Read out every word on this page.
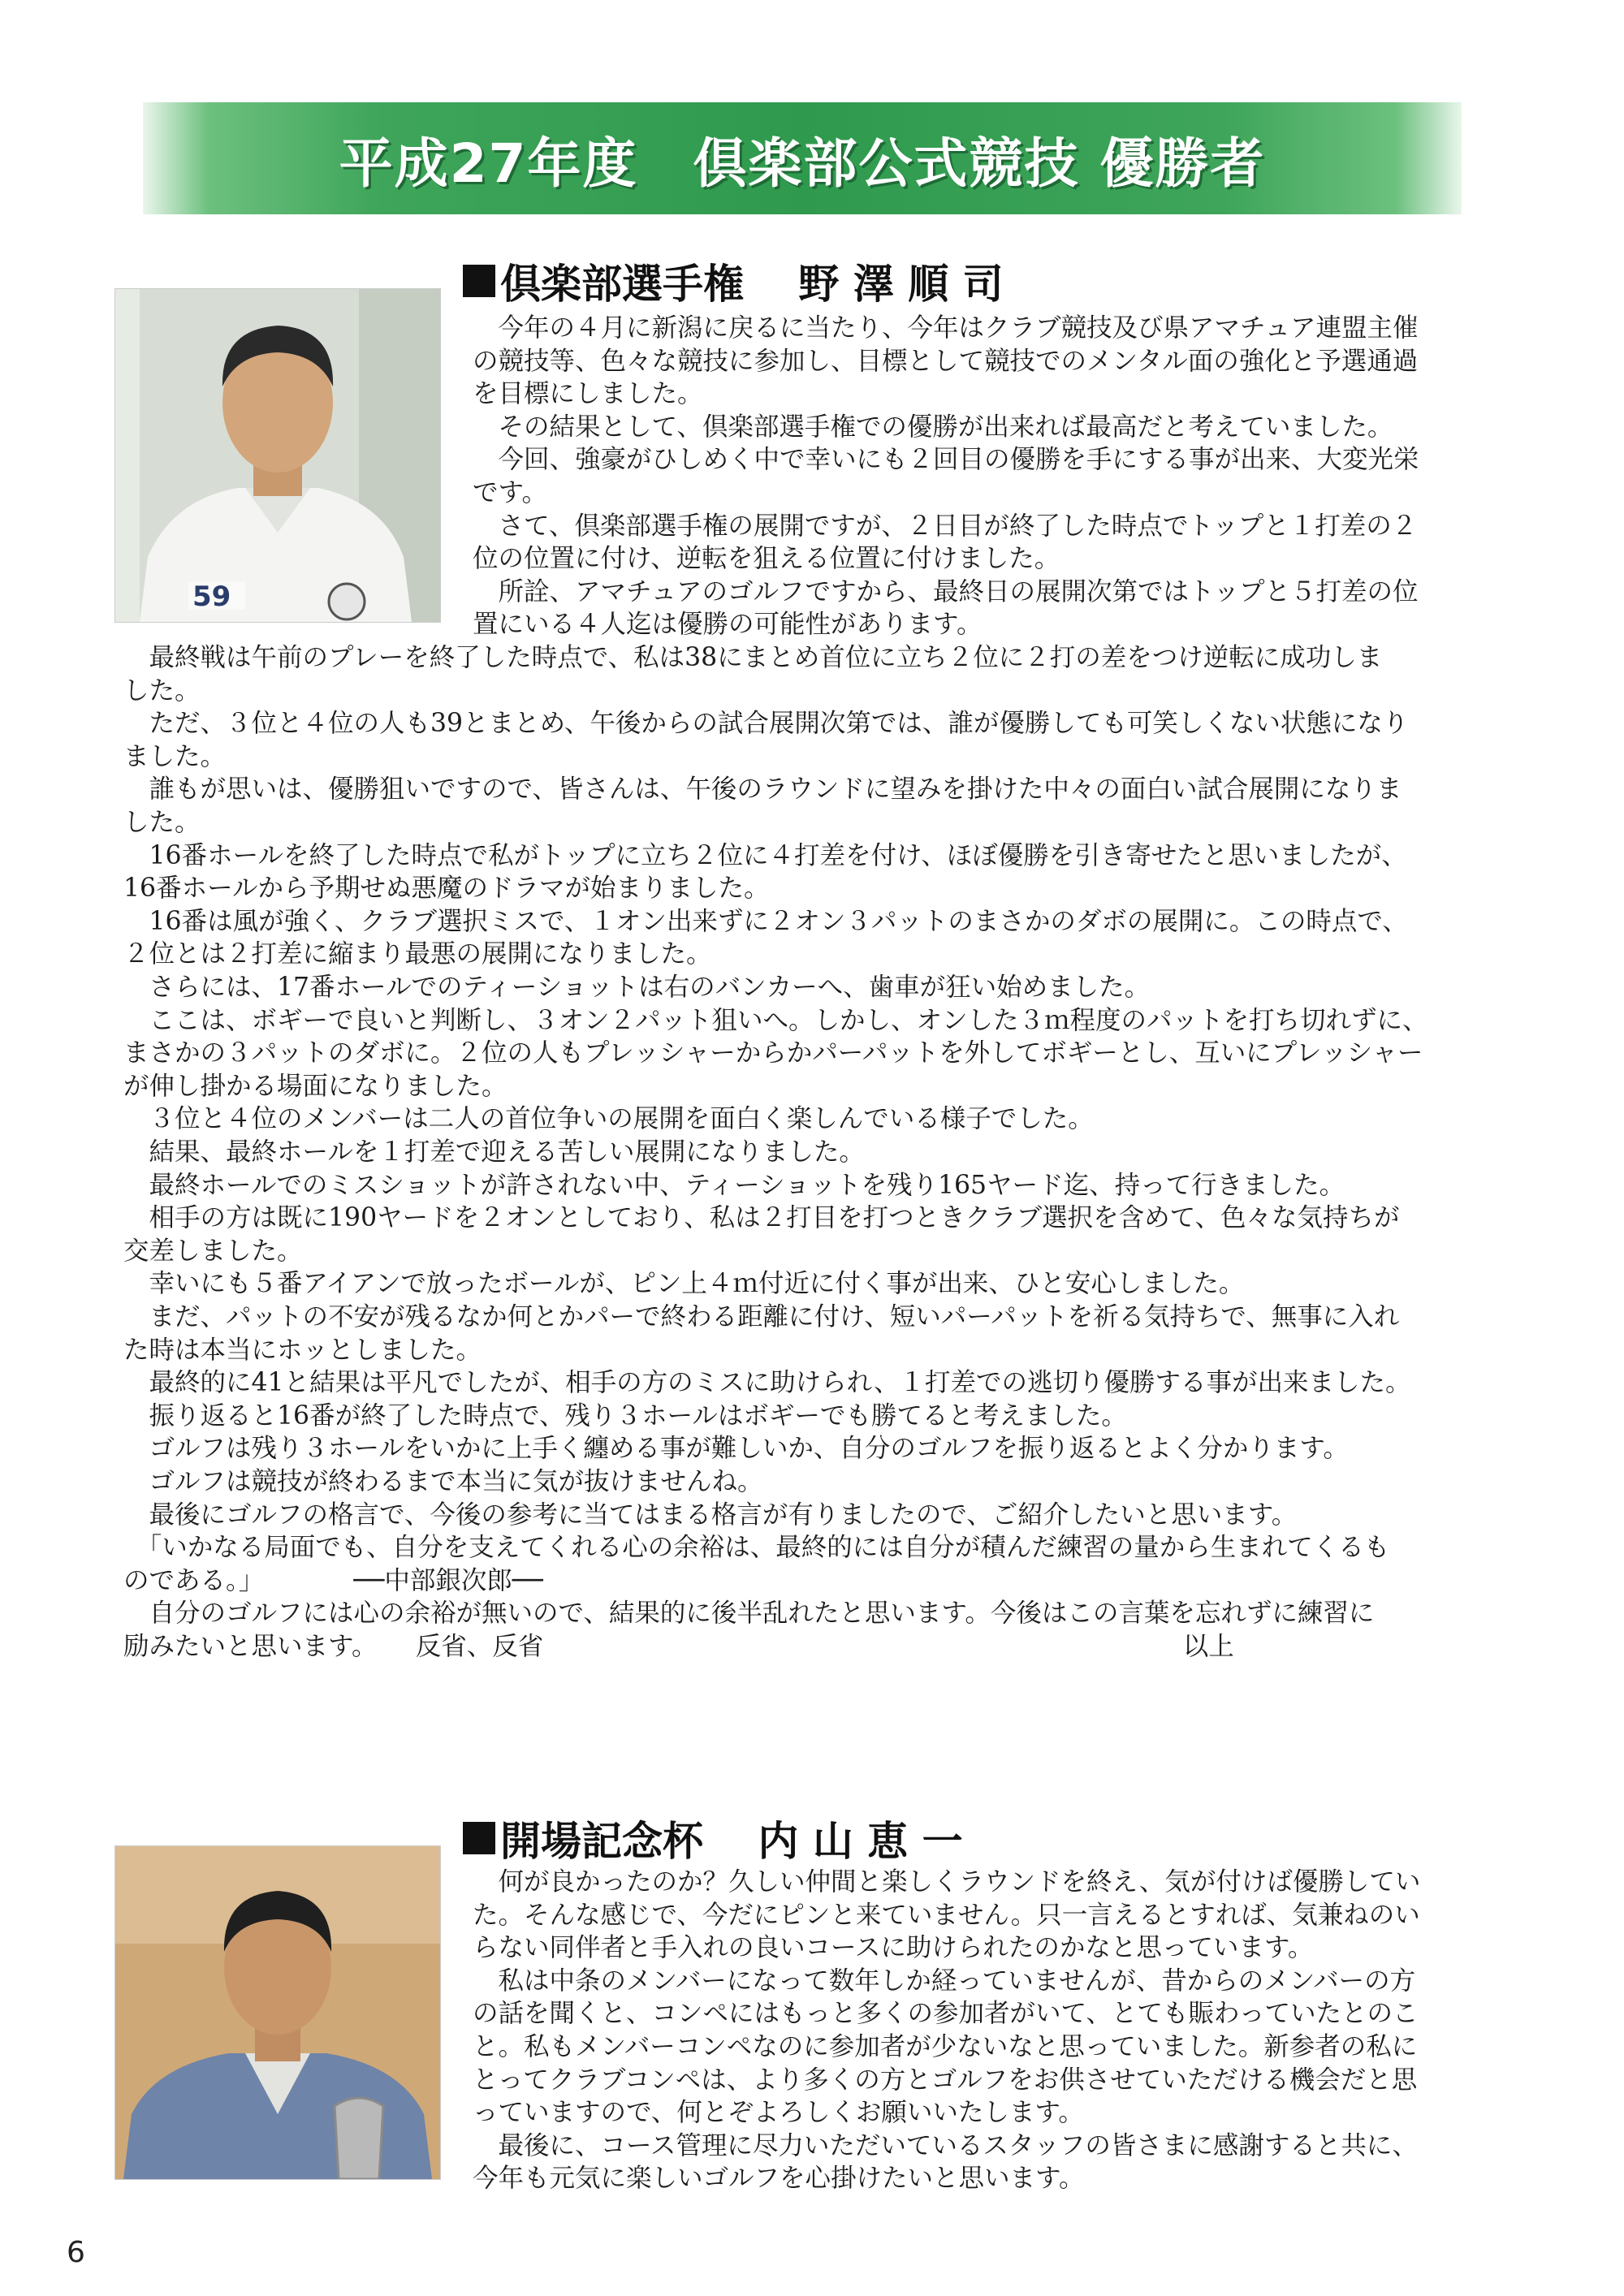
平成27年度　倶楽部公式競技 優勝者
倶楽部選手権　 野 澤 順 司
59
　今年の４月に新潟に戻るに当たり、今年はクラブ競技及び県アマチュア連盟主催
の競技等、色々な競技に参加し、目標として競技でのメンタル面の強化と予選通過
を目標にしました。
　その結果として、倶楽部選手権での優勝が出来れば最高だと考えていました。
　今回、強豪がひしめく中で幸いにも２回目の優勝を手にする事が出来、大変光栄
です。
　さて、倶楽部選手権の展開ですが、２日目が終了した時点でトップと１打差の２
位の位置に付け、逆転を狙える位置に付けました。
　所詮、アマチュアのゴルフですから、最終日の展開次第ではトップと５打差の位
置にいる４人迄は優勝の可能性があります。
　最終戦は午前のプレーを終了した時点で、私は38にまとめ首位に立ち２位に２打の差をつけ逆転に成功しま
した。
　ただ、３位と４位の人も39とまとめ、午後からの試合展開次第では、誰が優勝しても可笑しくない状態になり
ました。
　誰もが思いは、優勝狙いですので、皆さんは、午後のラウンドに望みを掛けた中々の面白い試合展開になりま
した。
　16番ホールを終了した時点で私がトップに立ち２位に４打差を付け、ほぼ優勝を引き寄せたと思いましたが、
16番ホールから予期せぬ悪魔のドラマが始まりました。
　16番は風が強く、クラブ選択ミスで、１オン出来ずに２オン３パットのまさかのダボの展開に。この時点で、
２位とは２打差に縮まり最悪の展開になりました。
　さらには、17番ホールでのティーショットは右のバンカーへ、歯車が狂い始めました。
　ここは、ボギーで良いと判断し、３オン２パット狙いへ。しかし、オンした３ｍ程度のパットを打ち切れずに、
まさかの３パットのダボに。２位の人もプレッシャーからかパーパットを外してボギーとし、互いにプレッシャー
が伸し掛かる場面になりました。
　３位と４位のメンバーは二人の首位争いの展開を面白く楽しんでいる様子でした。
　結果、最終ホールを１打差で迎える苦しい展開になりました。
　最終ホールでのミスショットが許されない中、ティーショットを残り165ヤード迄、持って行きました。
　相手の方は既に190ヤードを２オンとしており、私は２打目を打つときクラブ選択を含めて、色々な気持ちが
交差しました。
　幸いにも５番アイアンで放ったボールが、ピン上４ｍ付近に付く事が出来、ひと安心しました。
　まだ、パットの不安が残るなか何とかパーで終わる距離に付け、短いパーパットを祈る気持ちで、無事に入れ
た時は本当にホッとしました。
　最終的に41と結果は平凡でしたが、相手の方のミスに助けられ、１打差での逃切り優勝する事が出来ました。
　振り返ると16番が終了した時点で、残り３ホールはボギーでも勝てると考えました。
　ゴルフは残り３ホールをいかに上手く纏める事が難しいか、自分のゴルフを振り返るとよく分かります。
　ゴルフは競技が終わるまで本当に気が抜けませんね。
　最後にゴルフの格言で、今後の参考に当てはまる格言が有りましたので、ご紹介したいと思います。
　「いかなる局面でも、自分を支えてくれる心の余裕は、最終的には自分が積んだ練習の量から生まれてくるも
のである。」　　　　──中部銀次郎──
　自分のゴルフには心の余裕が無いので、結果的に後半乱れたと思います。今後はこの言葉を忘れずに練習に
励みたいと思います。　　反省、反省　　　　　　　　　　　　　　　　　　　　　　　　　以上
開場記念杯　 内 山 恵 一
　何が良かったのか？久しい仲間と楽しくラウンドを終え、気が付けば優勝してい
た。そんな感じで、今だにピンと来ていません。只一言えるとすれば、気兼ねのい
らない同伴者と手入れの良いコースに助けられたのかなと思っています。
　私は中条のメンバーになって数年しか経っていませんが、昔からのメンバーの方
の話を聞くと、コンペにはもっと多くの参加者がいて、とても賑わっていたとのこ
と。私もメンバーコンペなのに参加者が少ないなと思っていました。新参者の私に
とってクラブコンペは、より多くの方とゴルフをお供させていただける機会だと思
っていますので、何とぞよろしくお願いいたします。
　最後に、コース管理に尽力いただいているスタッフの皆さまに感謝すると共に、
今年も元気に楽しいゴルフを心掛けたいと思います。
6
